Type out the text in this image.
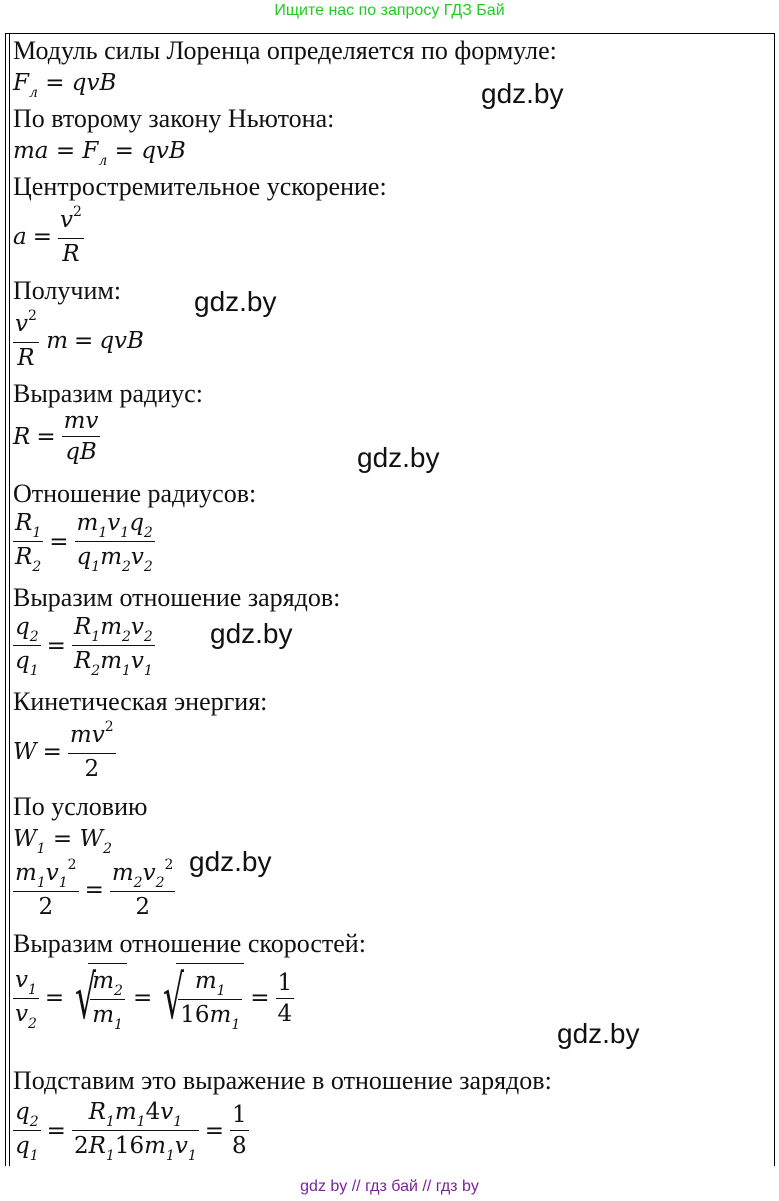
Ищите нас по запросу ГДЗ Бай
Модуль силы Лоренца определяется по формуле:
$F_л$ = qvB
По второму закону Ньютона:
ma = $F_л$ = qvB
Центростремительное ускорение:
$a = \frac{v^2}{R}$
Получим:
$\frac{v^2}{R}$ m = qvB
Выразим радиус:
$R = \frac{mv}{qB}$
Отношение радиусов:
$\frac{R_1}{R_2} = \frac{m_1v_1q_2}{q_1m_2v_2}$
Выразим отношение зарядов:
$\frac{q_2}{q_1} = \frac{R_1m_2v_2}{R_2m_1v_1}$
Кинетическая энергия:
$W = \frac{mv^2}{2}$
По условию
$W_1 = W_2$
$\frac{m_1v_1^2}{2} = \frac{m_2v_2^2}{2}$
Выразим отношение скоростей:
$\frac{v_1}{v_2}$ = √
$\frac{m_2}{m_1}$ = √
$\frac{m_1}{16m_1} = \frac{1}{4}$
Подставим это выражение в отношение зарядов:
$\frac{q_2}{q_1} = \frac{R_1m_14v_1}{2R_116m_1v_1} = \frac{1}{8}$
gdz.by
gdz.by
gdz.by
gdz.by
gdz.by
gdz.by
gdz by // гдз бай // гдз by
